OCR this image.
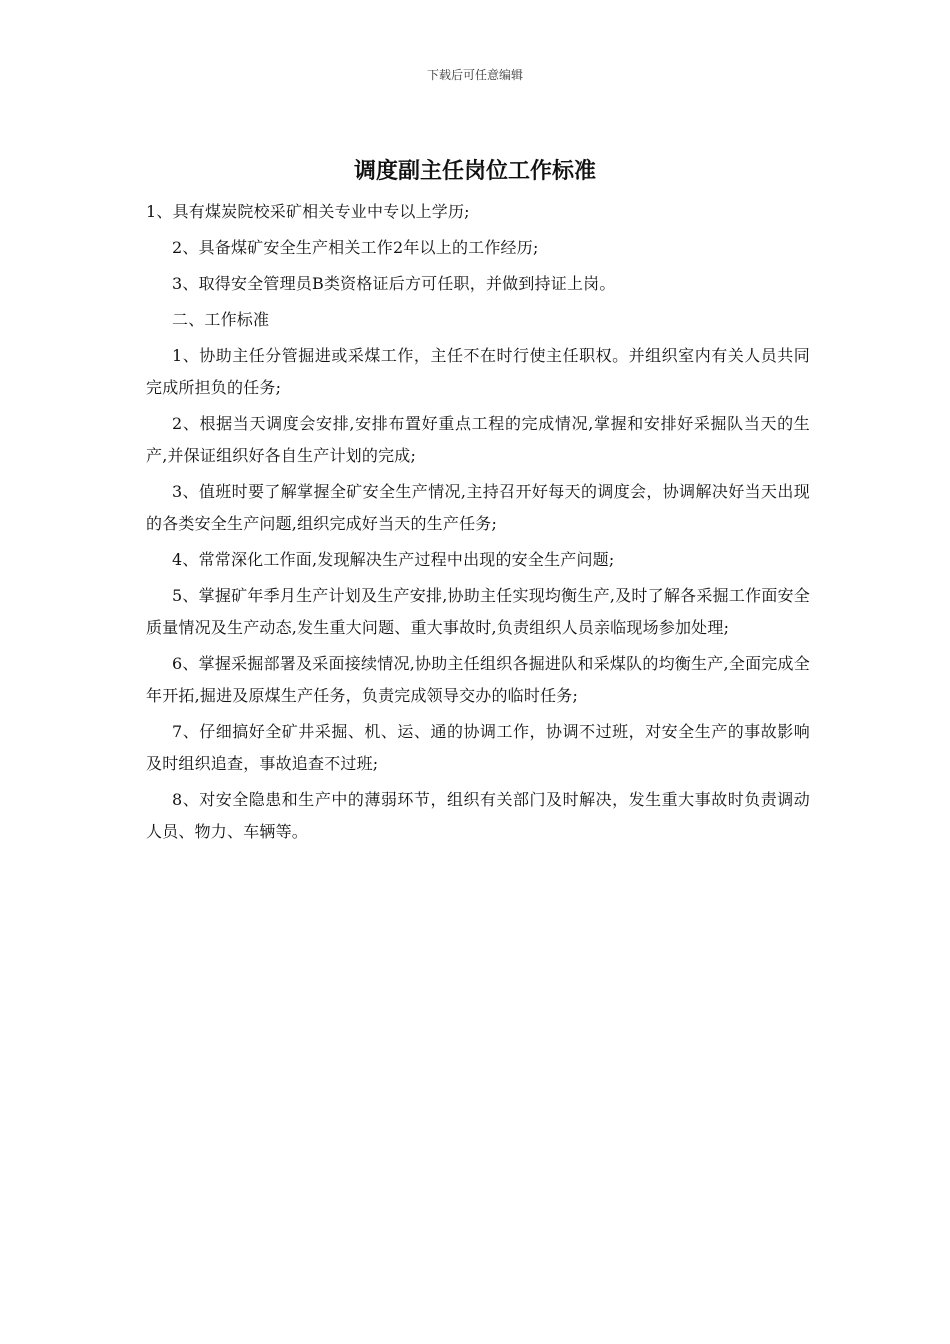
下载后可任意编辑
调度副主任岗位工作标准

1、具有煤炭院校采矿相关专业中专以上学历;

2、具备煤矿安全生产相关工作2年以上的工作经历;

3、取得安全管理员B类资格证后方可任职，并做到持证上岗。

二、工作标准

1、协助主任分管掘进或采煤工作，主任不在时行使主任职权。并组织室内有关人员共同完成所担负的任务;

2、根据当天调度会安排,安排布置好重点工程的完成情况,掌握和安排好采掘队当天的生产,并保证组织好各自生产计划的完成;

3、值班时要了解掌握全矿安全生产情况,主持召开好每天的调度会，协调解决好当天出现的各类安全生产问题,组织完成好当天的生产任务;

4、常常深化工作面,发现解决生产过程中出现的安全生产问题;

5、掌握矿年季月生产计划及生产安排,协助主任实现均衡生产,及时了解各采掘工作面安全质量情况及生产动态,发生重大问题、重大事故时,负责组织人员亲临现场参加处理;

6、掌握采掘部署及采面接续情况,协助主任组织各掘进队和采煤队的均衡生产,全面完成全年开拓,掘进及原煤生产任务，负责完成领导交办的临时任务;

7、仔细搞好全矿井采掘、机、运、通的协调工作，协调不过班，对安全生产的事故影响及时组织追查，事故追查不过班;

8、对安全隐患和生产中的薄弱环节，组织有关部门及时解决，发生重大事故时负责调动人员、物力、车辆等。
